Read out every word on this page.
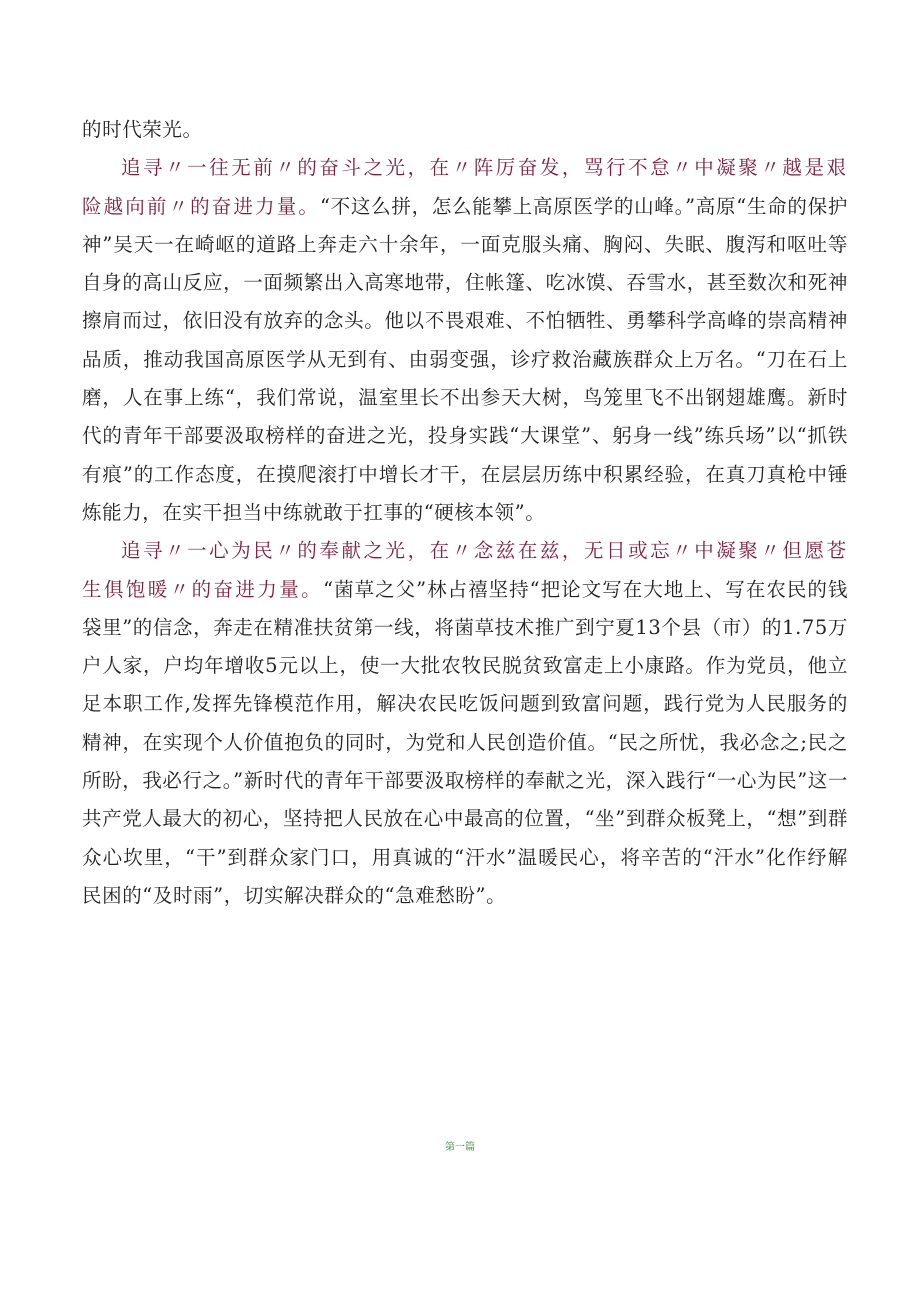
的时代荣光。

追寻〃一往无前〃的奋斗之光，在〃阵厉奋发，骂行不怠〃中凝聚〃越是艰险越向前〃的奋进力量。“不这么拼，怎么能攀上高原医学的山峰。”高原“生命的保护神”吴天一在崎岖的道路上奔走六十余年，一面克服头痛、胸闷、失眠、腹泻和呕吐等自身的高山反应，一面频繁出入高寒地带，住帐篷、吃冰馍、吞雪水，甚至数次和死神擦肩而过，依旧没有放弃的念头。他以不畏艰难、不怕牺牲、勇攀科学高峰的崇高精神品质，推动我国高原医学从无到有、由弱变强，诊疗救治藏族群众上万名。“刀在石上磨，人在事上练“，我们常说，温室里长不出参天大树，鸟笼里飞不出钢翅雄鹰。新时代的青年干部要汲取榜样的奋进之光，投身实践“大课堂”、躬身一线”练兵场”以“抓铁有痕”的工作态度，在摸爬滚打中增长才干，在层层历练中积累经验，在真刀真枪中锤炼能力，在实干担当中练就敢于扛事的“硬核本领”。

追寻〃一心为民〃的奉献之光，在〃念兹在兹，无日或忘〃中凝聚〃但愿苍生俱饱暖〃的奋进力量。“菌草之父”林占禧坚持“把论文写在大地上、写在农民的钱袋里”的信念，奔走在精准扶贫第一线，将菌草技术推广到宁夏13个县（市）的1.75万户人家，户均年增收5元以上，使一大批农牧民脱贫致富走上小康路。作为党员，他立足本职工作,发挥先锋模范作用，解决农民吃饭问题到致富问题，践行党为人民服务的精神，在实现个人价值抱负的同时，为党和人民创造价值。“民之所忧，我必念之;民之所盼，我必行之。”新时代的青年干部要汲取榜样的奉献之光，深入践行“一心为民”这一共产党人最大的初心，坚持把人民放在心中最高的位置，“坐”到群众板凳上，“想”到群众心坎里，“干”到群众家门口，用真诚的“汗水”温暖民心，将辛苦的“汗水”化作纾解民困的“及时雨”，切实解决群众的“急难愁盼”。

第一篇
